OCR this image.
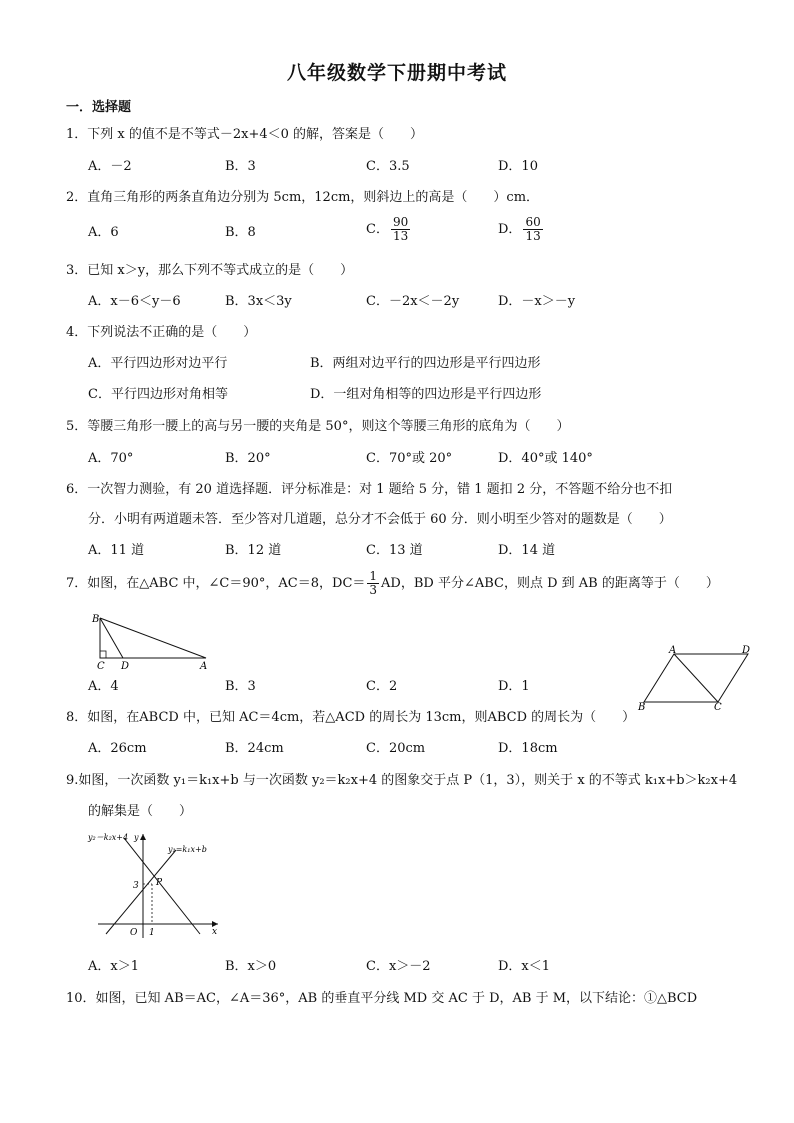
八年级数学下册期中考试
一．选择题
1．下列 x 的值不是不等式－2x+4＜0 的解，答案是（　　）
A．－2	B．3	C．3.5	D．10
2．直角三角形的两条直角边分别为 5cm，12cm，则斜边上的高是（　　）cm．
A．6	B．8	C． $\frac{90}{13}$	D． $\frac{60}{13}$
3．已知 x＞y，那么下列不等式成立的是（　　）
A．x－6＜y－6	B．3x＜3y	C．－2x＜－2y	D．－x＞－y
4．下列说法不正确的是（　　）
A．平行四边形对边平行	B．两组对边平行的四边形是平行四边形
C．平行四边形对角相等	D．一组对角相等的四边形是平行四边形
5．等腰三角形一腰上的高与另一腰的夹角是 50°，则这个等腰三角形的底角为（　　）
A．70°	B．20°	C．70°或 20°	D．40°或 140°
6．一次智力测验，有 20 道选择题．评分标准是：对 1 题给 5 分，错 1 题扣 2 分，不答题不给分也不扣
分．小明有两道题未答．至少答对几道题，总分才不会低于 60 分．则小明至少答对的题数是（　　）
A．11 道	B．12 道	C．13 道	D．14 道
7．如图，在△ABC 中，∠C＝90°，AC＝8，$DC= \frac{1}{3}$ AD，BD 平分∠ABC，则点 D 到 AB 的距离等于（　　）
B
C D	A
A．4	B．3	C．2	D．1
A	D
B	C
8．如图，在ABCD 中，已知 AC＝4cm，若△ACD 的周长为 13cm，则ABCD 的周长为（　　）
A．26cm	B．24cm	C．20cm	D．18cm
9.如图，一次函数 y₁＝k₁x+b 与一次函数 y₂＝k₂x+4 的图象交于点 P（1，3），则关于 x 的不等式 k₁x+b＞k₂x+4
的解集是（　　）
y₂＝k₂x+4 y
y₁=k₁x+b
P
3
O 1	x
A．x＞1	B．x＞0	C．x＞－2	D．x＜1
10．如图，已知 AB＝AC，∠A＝36°，AB 的垂直平分线 MD 交 AC 于 D，AB 于 M，以下结论：①△BCD
